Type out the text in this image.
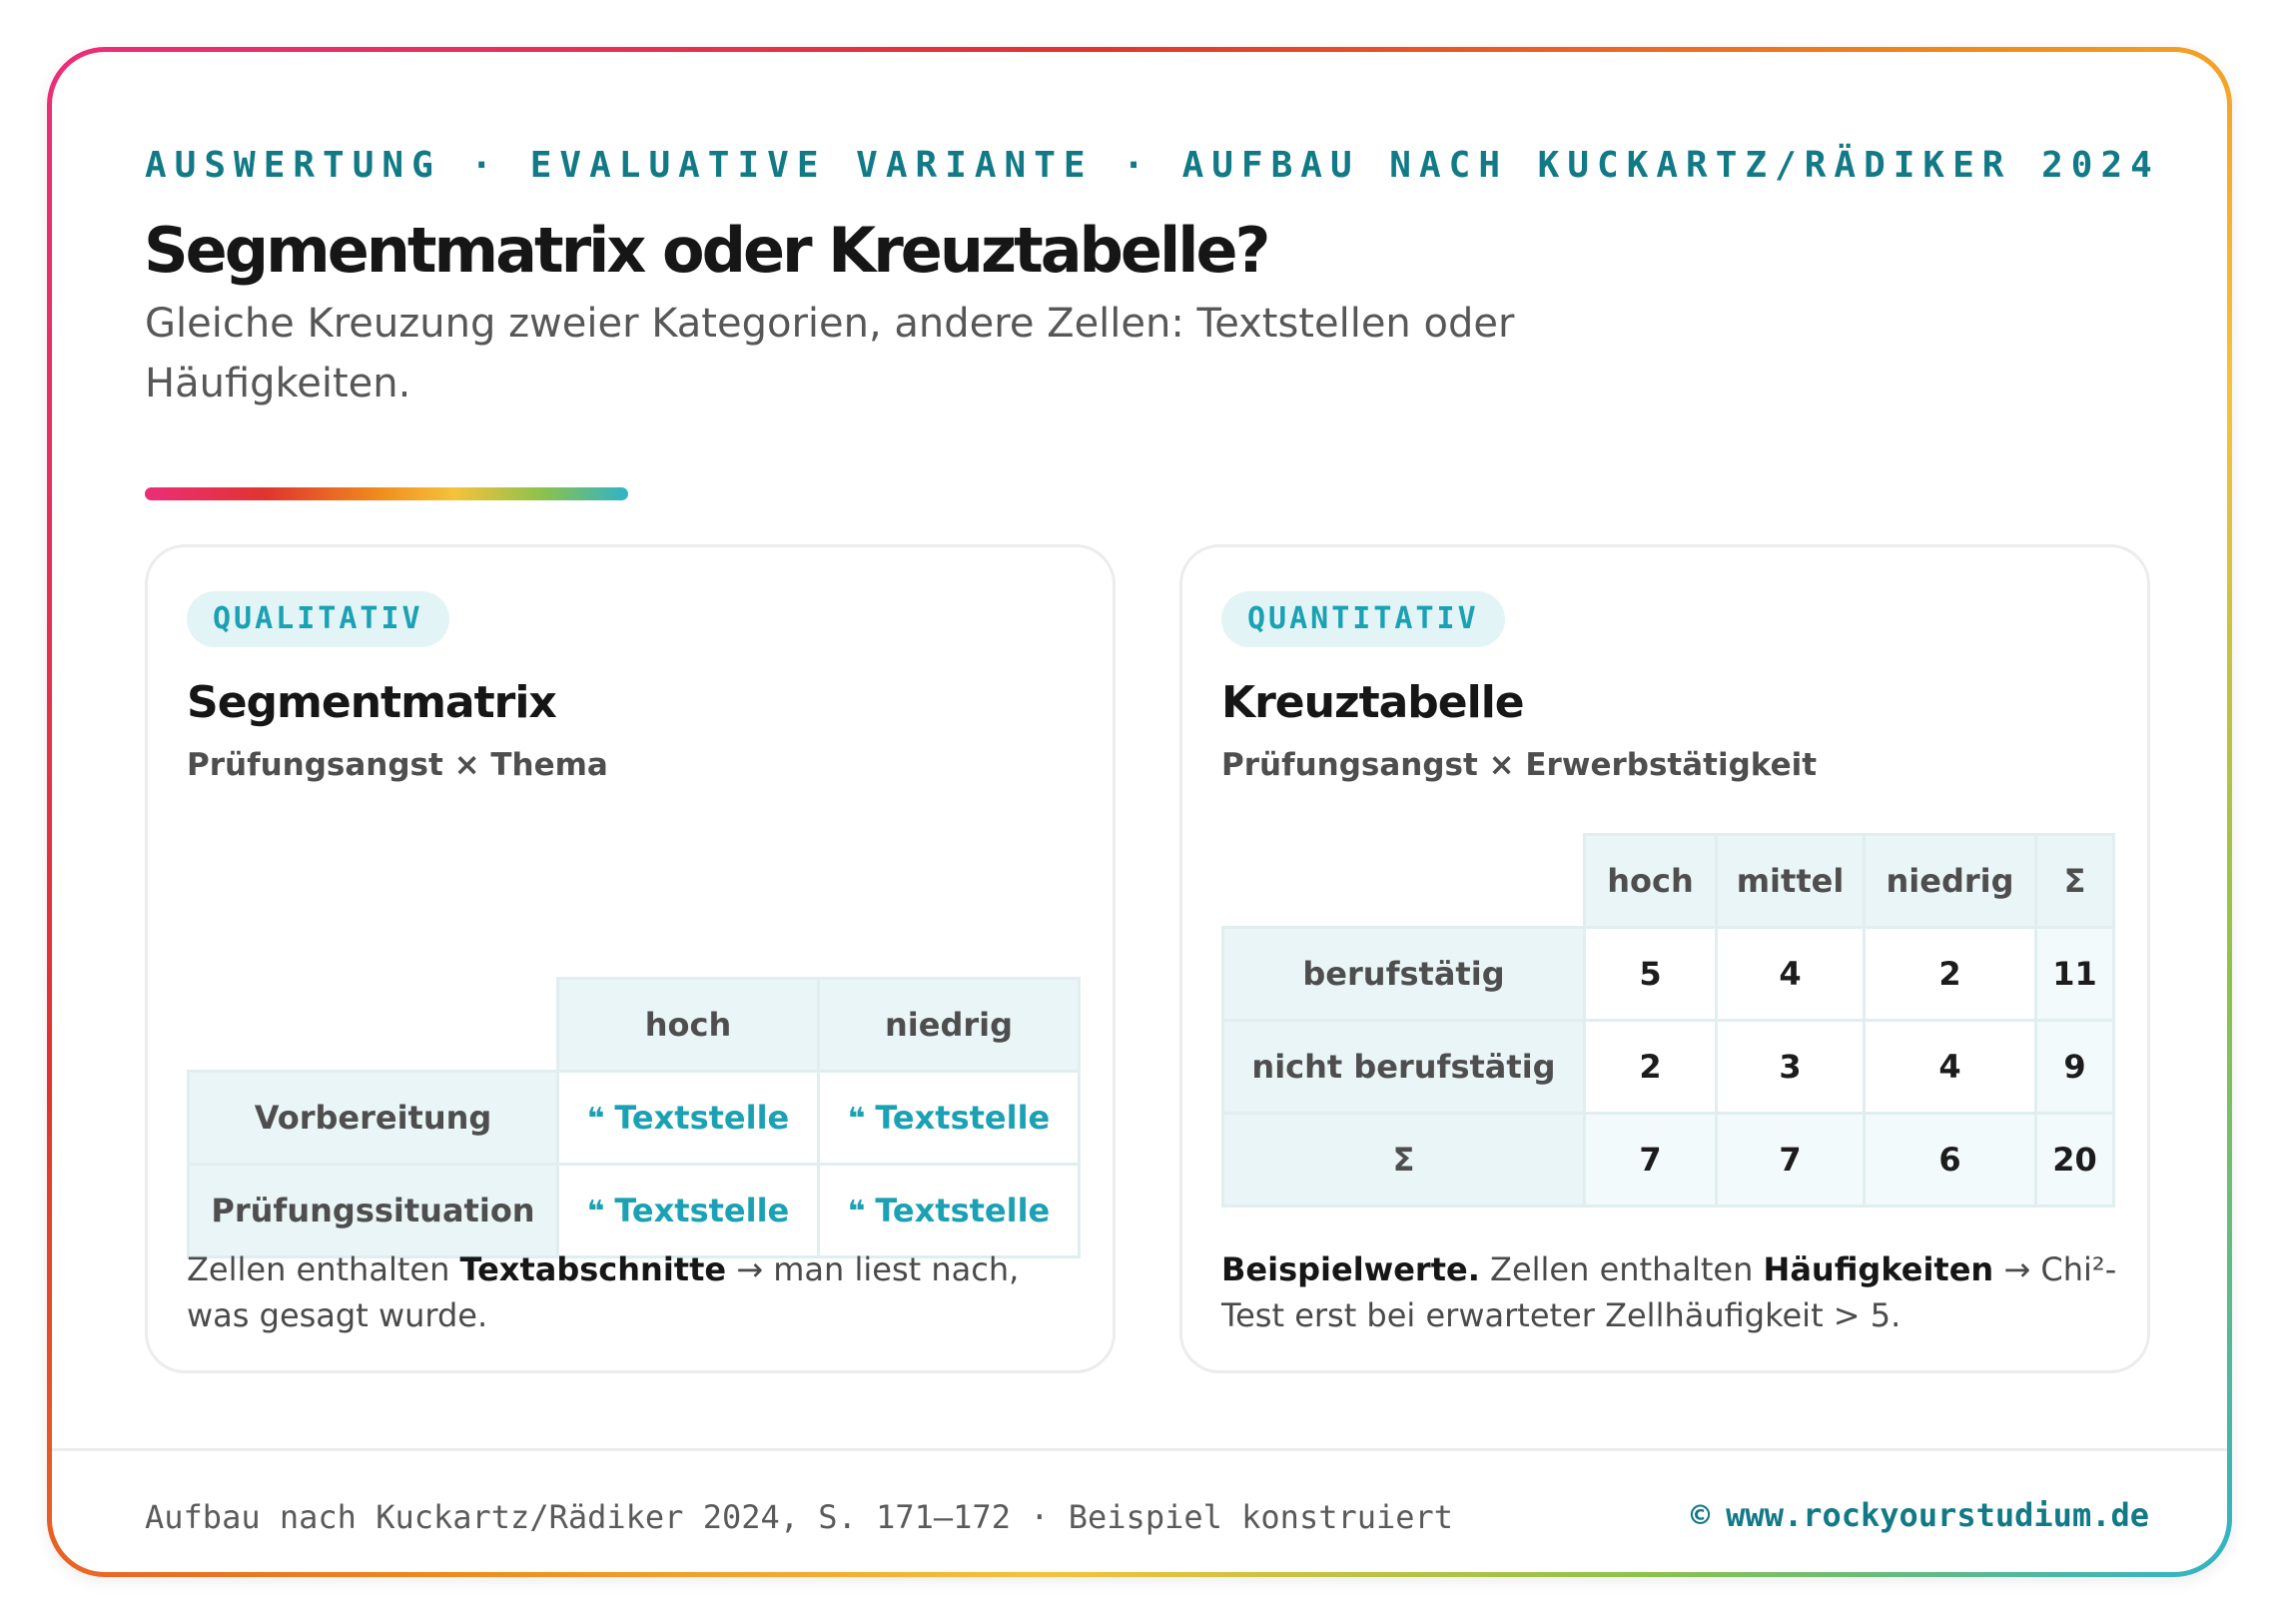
AUSWERTUNG · EVALUATIVE VARIANTE · AUFBAU NACH KUCKARTZ/RÄDIKER 2024
Segmentmatrix oder Kreuztabelle?
Gleiche Kreuzung zweier Kategorien, andere Zellen: Textstellen oder Häufigkeiten.
QUALITATIV
Segmentmatrix
Prüfungsangst × Thema
	hoch	niedrig
Vorbereitung	❝ Textstelle	❝ Textstelle
Prüfungssituation	❝ Textstelle	❝ Textstelle
Zellen enthalten Textabschnitte → man liest nach, was gesagt wurde.
QUANTITATIV
Kreuztabelle
Prüfungsangst × Erwerbstätigkeit
	hoch	mittel	niedrig	Σ
berufstätig	5	4	2	11
nicht berufstätig	2	3	4	9
Σ	7	7	6	20
Beispielwerte. Zellen enthalten Häufigkeiten → Chi²-Test erst bei erwarteter Zellhäufigkeit > 5.
Aufbau nach Kuckartz/Rädiker 2024, S. 171–172 · Beispiel konstruiert	© www.rockyourstudium.de
